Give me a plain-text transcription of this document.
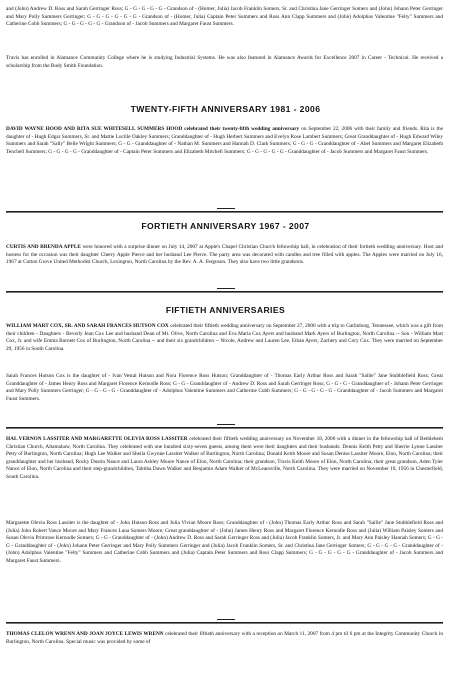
and (John) Andrew D. Ross and Sarah Gerringer Ross; G - G - G - G - G - Grandson of - (Homer, Julia) Jacob Franklin Somers, Sr. and Christina Jane Gerringer Somers and (John) Johann Peter Gerringer and Mary Polly Summers Gerringer; G - G - G - G - G - G - Grandson of - (Homer, Julia) Captain Peter Summers and Ross Ann Clapp Summers and (John) Adolphus Valentine "Felty" Summers and Catherine Cobb Summers; G - G - G - G - G - Grandson of - Jacob Summers and Margaret Faust Summers.

Travis has enrolled in Alamance Community College where he is studying Industrial Systems. He was also featured in Alamance Awards for Excellence 2007 in Career - Technical. He received a scholarship from the Rudy Smith Foundation.

TWENTY-FIFTH ANNIVERSARY 1981 - 2006

DAVID WAYNE HOOD AND RITA SUE WHITESELL SUMMERS HOOD celebrated their twenty-fifth wedding anniversary on September 22, 2006 with their family and friends. Rita is the daughter of - Hugh Edgar Summers, Sr. and Mattie Lucille Oakley Summers; Granddaughter of - Hugh Herbert Summers and Evelyn Rose Lambert Summers; Great Granddaughter of - Hugh Edward Wiley Summers and Sarah "Sally" Belle Wright Summers; G - G - Granddaughter of - Nathan M. Summers and Hannah D. Clark Summers; G - G - G - Granddaughter of - Abel Summers and Margaret Elizabeth Tenchell Summers; G - G - G - G - Granddaughter of - Captain Peter Summers and Elizabeth Mitchell Summers; G - G - G - G - G - Granddaughter of - Jacob Summers and Margaret Faust Summers.

FORTIETH ANNIVERSARY 1967 - 2007

CURTIS AND BRENDA APPLE were honored with a surprise dinner on July 14, 2007 at Apple's Chapel Christian Church fellowship hall, in celebration of their fortieth wedding anniversary. Host and hostess for the occasion was their daughter Cherry Apple Pierce and her husband Lee Pierce. The party area was decorated with candles and tree filled with apples. The Apples were married on July 16, 1967 at Cotton Grove United Methodist Church, Lexington, North Carolina by the Rev. A. A. Ferguson. They also have two little grandsons.

FIFTIETH ANNIVERSARIES

WILLIAM MART COX, SR. AND SARAH FRANCES HUTSON COX celebrated their fiftieth wedding anniversary on September 27, 2006 with a trip to Gatlinburg, Tennessee, which was a gift from their children - Daughters - Beverly Jean Cox Lee and husband Dean of Mt. Olive, North Carolina and Eva Maria Cox Ayers and husband Mark Ayers of Burlington, North Carolina -- Son - William Mart Cox, Jr. and wife Emma Burnett Cox of Burlington, North Carolina -- and their six grandchildren -- Nicole, Andrew and Lauren Lee, Ethan Ayers, Zachery and Cory Cox. They were married on September 29, 1956 in South Carolina.

Sarah Frances Hutson Cox is the daughter of - Ivan Vestal Hutson and Nora Florence Ross Hutson; Granddaughter of - Thomas Early Arthur Ross and Sarah "Sallie" Jane Stubblefield Ross; Great Granddaughter of - James Henry Ross and Margaret Florence Kernodle Ross; G - G - Granddaughter of - Andrew D. Ross and Sarah Gerringer Ross; G - G - G - Granddaughter of - Johann Peter Gerringer and Mary Polly Summers Gerringer; G - G - G - G - Granddaughter of - Adolphus Valentine Summers and Catherine Cobb Summers; G - G - G - G - G - Granddaughter of - Jacob Summers and Margaret Faust Summers.

HAL VERNON LASSITER AND MARGARETTE OLEVIA ROSS LASSITER celebrated their fiftieth wedding anniversary on November 18, 2006 with a dinner in the fellowship hall of Bethlehem Christian Church, Altamahaw, North Carolina. They celebrated with one hundred sixty-seven guests, among them were their daughters and their husbands: Dennis Keith Petty and Sherrie Lynne Lassiter Petty of Burlington, North Carolina; Hugh Lee Walker and Sheila Gwynne Lassiter Walker of Burlington, North Carolina; Donald Keith Moore and Susan Denise Lassiter Moore, Elon, North Carolina; their granddaughter and her husband, Rocky Dustin Nance and Laura Ashley Moore Nance of Elon, North Carolina; their grandson, Travis Keith Moore of Elon, North Carolina; their great grandson, Aden Tyler Nance of Elon, North Carolina and their step-grandchildren, Tabitha Dawn Walker and Benjamin Adam Walker of McLeansville, North Carolina. They were married on November 10, 1956 in Chesterfield, South Carolina.

Margarette Olevia Ross Lassiter is the daughter of - John Hutson Ross and Julia Vivian Moore Ross; Granddaughter of - (John) Thomas Early Arthur Ross and Sarah "Sallie" Jane Stubblefield Ross and (Julia) John Robert Vance Moore and Mary Frances Luna Somers Moore; Great granddaughter of - (John) James Henry Ross and Margaret Florence Kernodle Ross and (Julia) William Paisley Somers and Susan Olevia Primrose Kernodle Somers; G - G - Granddaughter of - (John) Andrew D. Ross and Sarah Gerringer Ross and (Julia) Jacob Franklin Somers, Jr. and Mary Ann Paisley Hannah Somers; G - G - G - Granddaughter of - (John) Johann Peter Gerringer and Mary Polly Summers Gerringer and (Julia) Jacob Franklin Somers, Sr. and Christina Jane Gerringer Somers; G - G - G - G - Granddaughter of - (John) Adolphus Valentine "Felty" Summers and Catherine Cobb Summers and (Julia) Captain Peter Summers and Ross Clapp Summers; G - G - G - G - G - Granddaughter of - Jacob Summers and Margaret Faust Summers.

THOMAS CLELON WRENN AND JOAN JOYCE LEWIS WRENN celebrated their fiftieth anniversary with a reception on March 11, 2007 from 4 pm til 6 pm at the Integrity Community Church in Burlington, North Carolina. Special music was provided by some of
